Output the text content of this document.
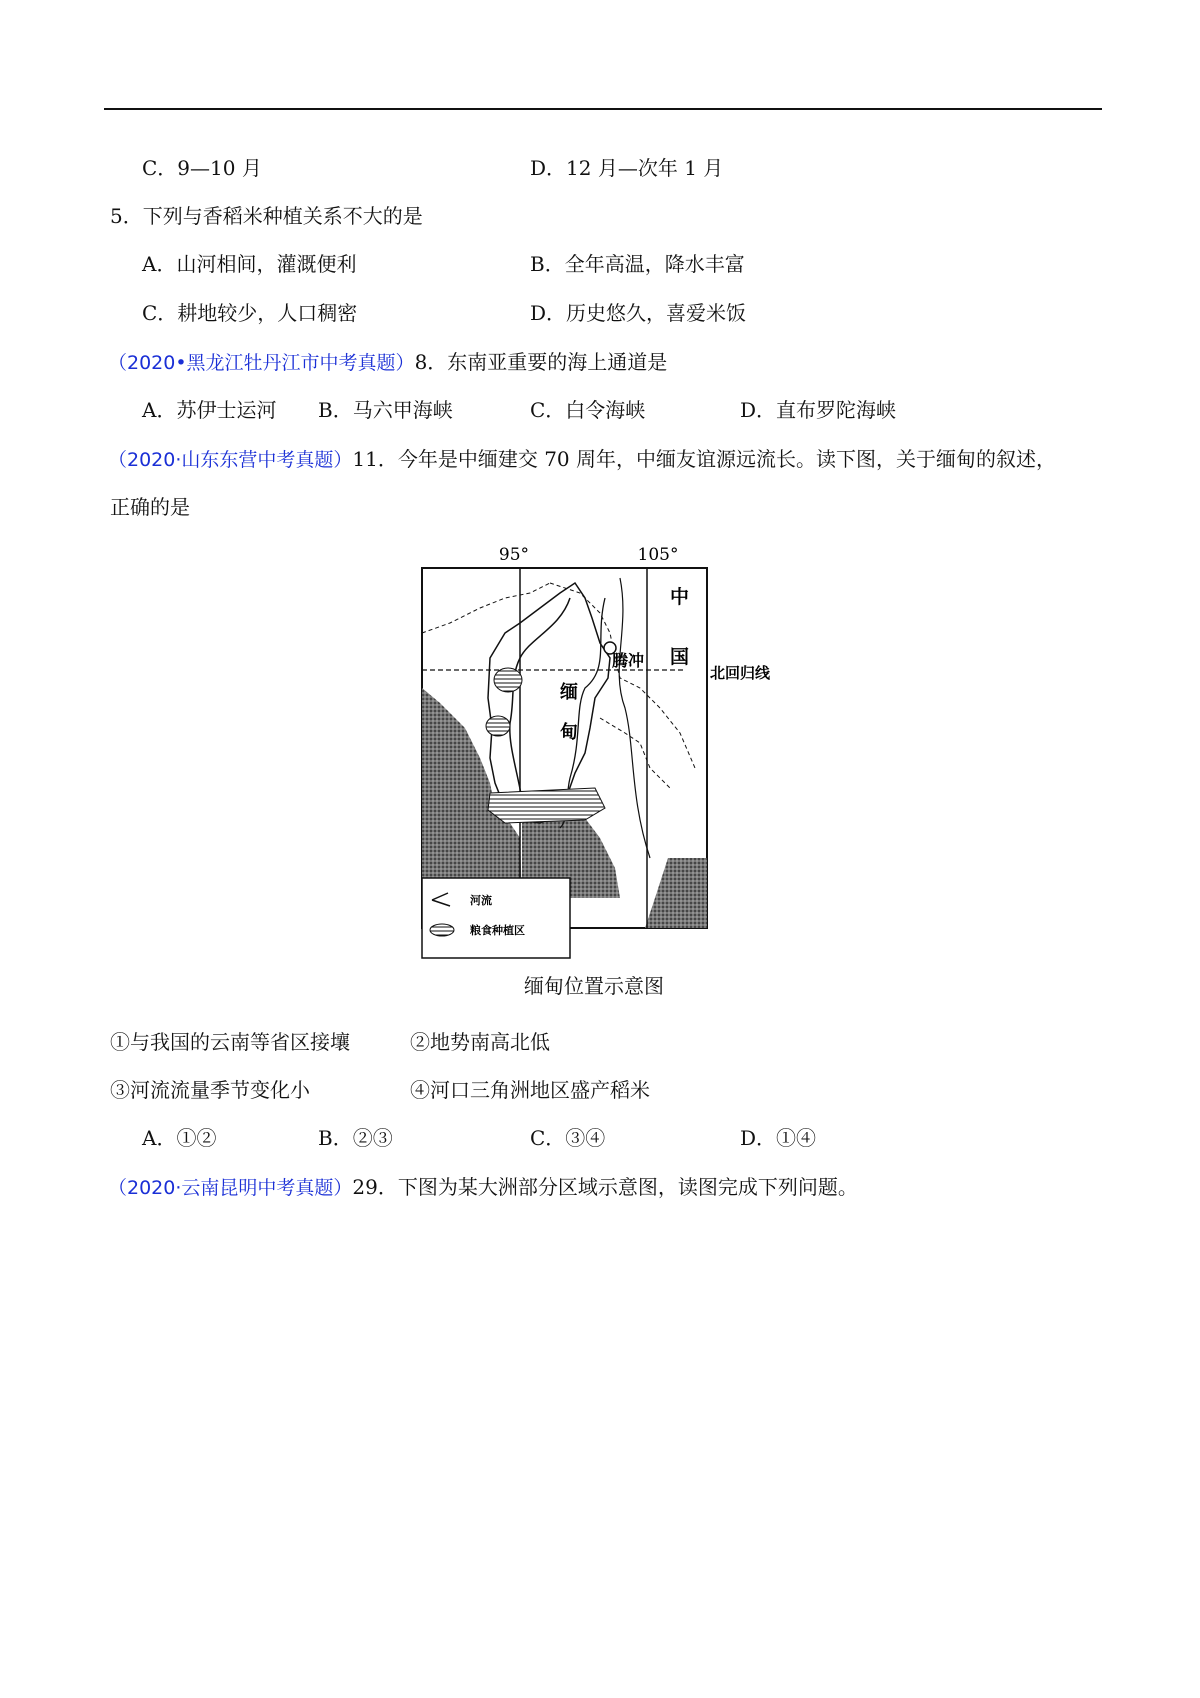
C．9—10 月	D．12 月—次年 1 月
5．下列与香稻米种植关系不大的是
A．山河相间，灌溉便利	B．全年高温，降水丰富
C．耕地较少，人口稠密	D．历史悠久，喜爱米饭
（2020•黑龙江牡丹江市中考真题）8．东南亚重要的海上通道是
A．苏伊士运河 B．马六甲海峡	C．白令海峡	D．直布罗陀海峡
（2020·山东东营中考真题）11．今年是中缅建交 70 周年，中缅友谊源远流长。读下图，关于缅甸的叙述，
正确的是
95°	105°
中
国
北回归线
腾冲
缅
甸
河流
粮食种植区
缅甸位置示意图
①与我国的云南等省区接壤	②地势南高北低
③河流流量季节变化小	④河口三角洲地区盛产稻米
A．①②	B．②③	C．③④	D．①④
（2020·云南昆明中考真题）29．下图为某大洲部分区域示意图，读图完成下列问题。
